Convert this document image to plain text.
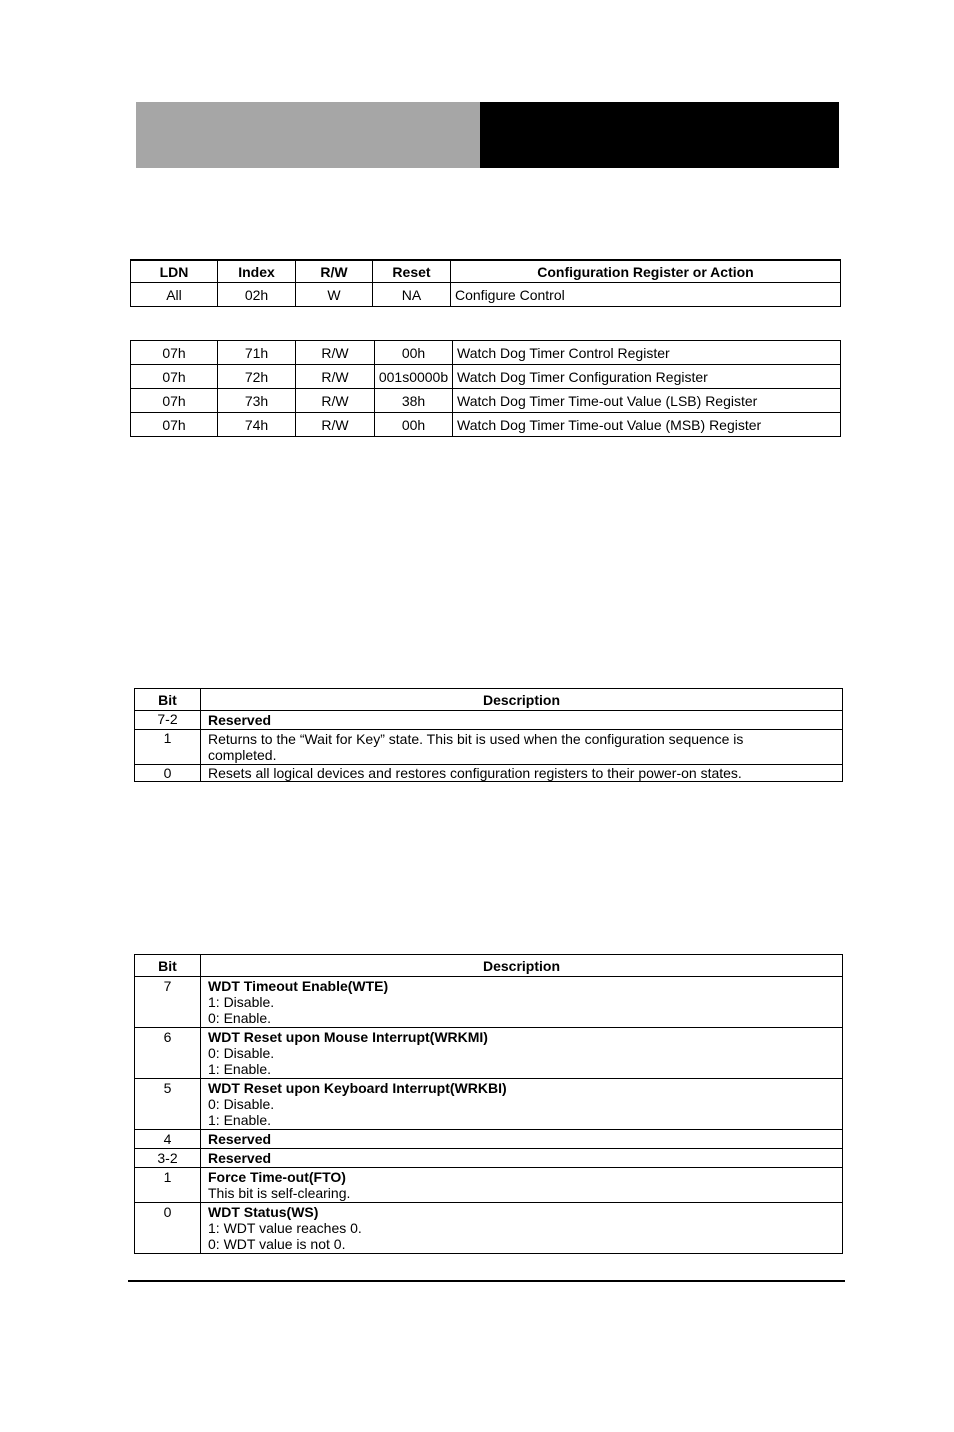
LDN	Index	R/W	Reset	Configuration Register or Action
All	02h	W	NA	Configure Control
07h	71h	R/W	00h	Watch Dog Timer Control Register
07h	72h	R/W	001s0000b	Watch Dog Timer Configuration Register
07h	73h	R/W	38h	Watch Dog Timer Time-out Value (LSB) Register
07h	74h	R/W	00h	Watch Dog Timer Time-out Value (MSB) Register
Bit	Description
7-2	Reserved

1	Returns to the “Wait for Key” state. This bit is used when the configuration sequence is
completed.

0	Resets all logical devices and restores configuration registers to their power-on states.
Bit	Description
7	WDT Timeout Enable(WTE)
1: Disable.
0: Enable.

6	WDT Reset upon Mouse Interrupt(WRKMI)
0: Disable.
1: Enable.

5	WDT Reset upon Keyboard Interrupt(WRKBI)
0: Disable.
1: Enable.

4	Reserved

3-2	Reserved

1	Force Time-out(FTO)
This bit is self-clearing.

0	WDT Status(WS)
1: WDT value reaches 0.
0: WDT value is not 0.
